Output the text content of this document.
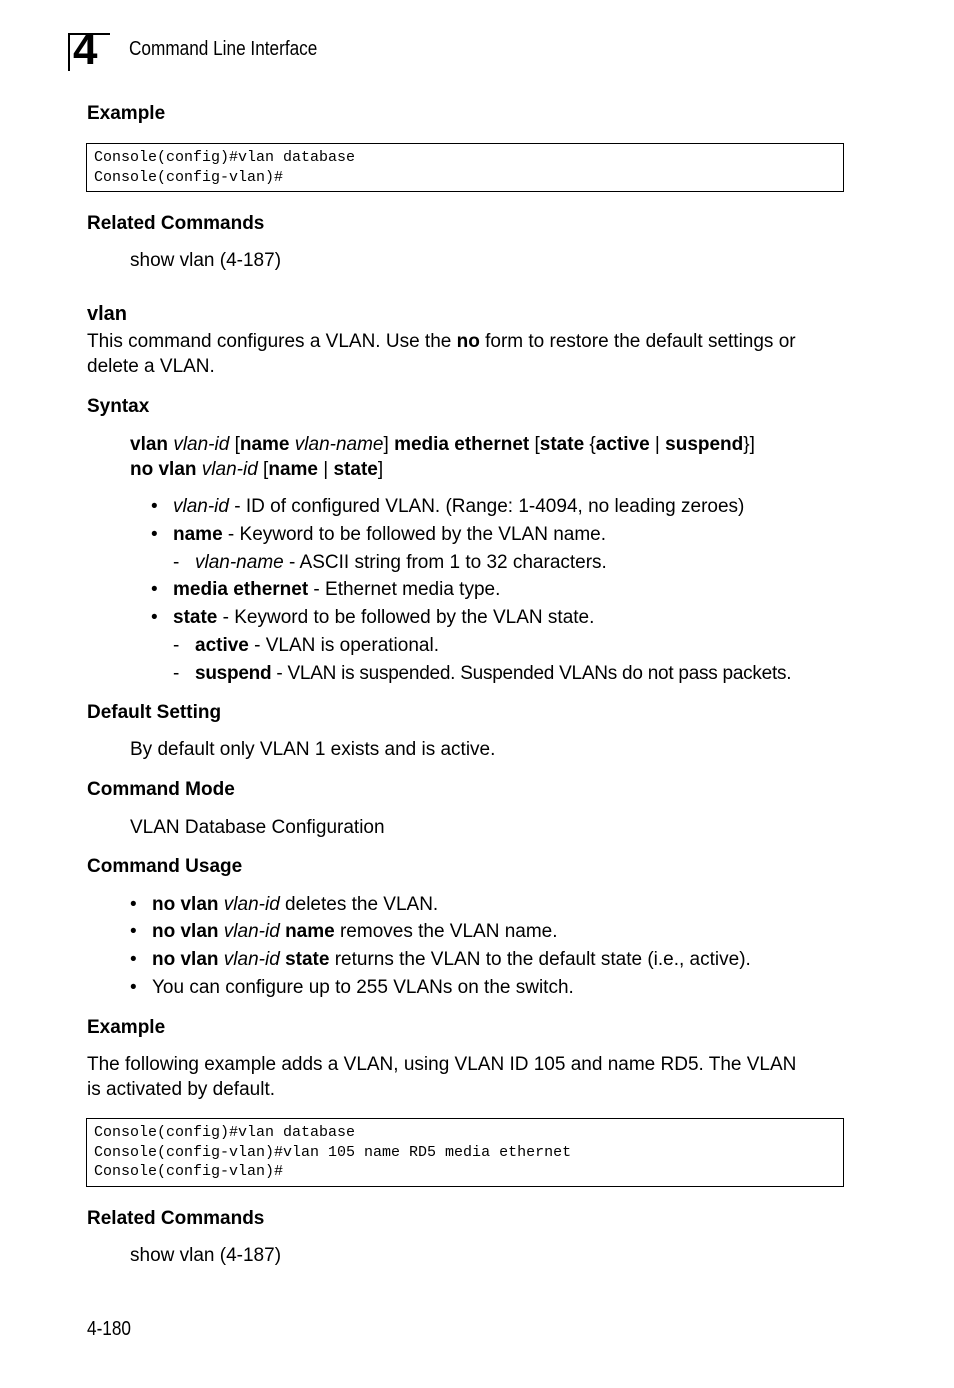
4 Command Line Interface
Example
Console(config)#vlan database
Console(config-vlan)#
Related Commands
show vlan (4-187)
vlan
This command configures a VLAN. Use the no form to restore the default settings or
delete a VLAN.
Syntax
vlan vlan-id [name vlan-name] media ethernet [state {active | suspend}]
no vlan vlan-id [name | state]
• vlan-id - ID of configured VLAN. (Range: 1-4094, no leading zeroes)
• name - Keyword to be followed by the VLAN name.
- vlan-name - ASCII string from 1 to 32 characters.
• media ethernet - Ethernet media type.
• state - Keyword to be followed by the VLAN state.
- active - VLAN is operational.
- suspend - VLAN is suspended. Suspended VLANs do not pass packets.
Default Setting
By default only VLAN 1 exists and is active.
Command Mode
VLAN Database Configuration
Command Usage
• no vlan vlan-id deletes the VLAN.
• no vlan vlan-id name removes the VLAN name.
• no vlan vlan-id state returns the VLAN to the default state (i.e., active).
• You can configure up to 255 VLANs on the switch.
Example
The following example adds a VLAN, using VLAN ID 105 and name RD5. The VLAN
is activated by default.
Console(config)#vlan database
Console(config-vlan)#vlan 105 name RD5 media ethernet
Console(config-vlan)#
Related Commands
show vlan (4-187)
4-180
